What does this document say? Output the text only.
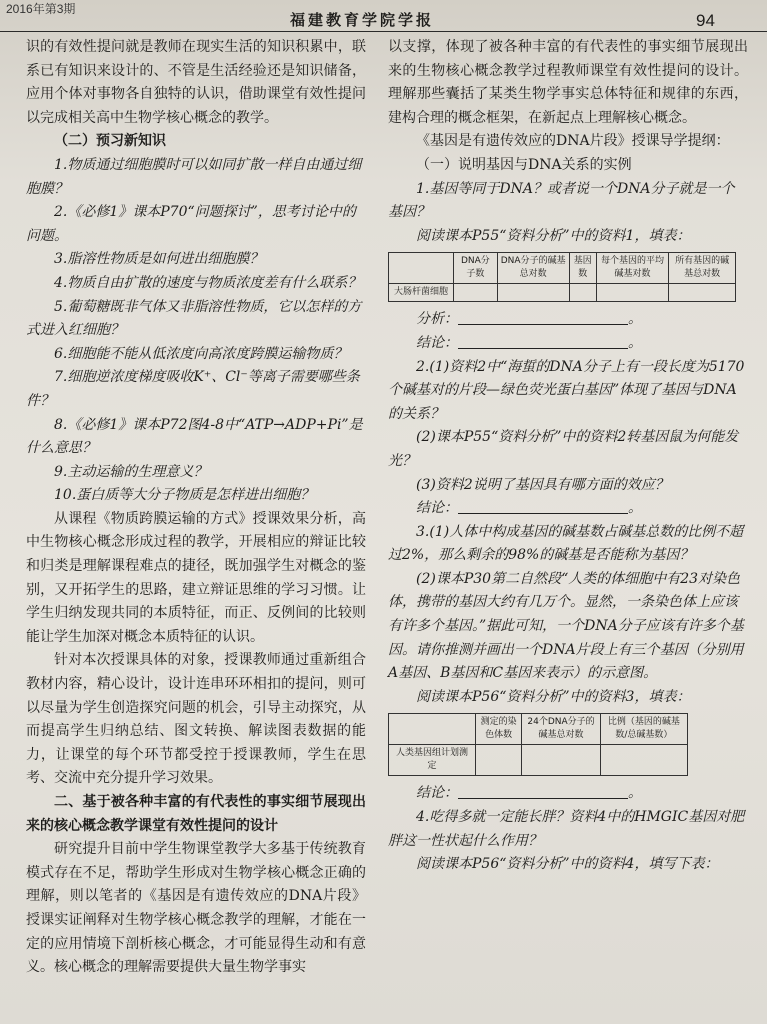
2016年第3期
福建教育学院学报	94

识的有效性提问就是教师在现实生活的知识积累中，联系已有知识来设计的、不管是生活经验还是知识储备，应用个体对事物各自独特的认识，借助课堂有效性提问以完成相关高中生物学核心概念的教学。

（二）预习新知识

1.物质通过细胞膜时可以如同扩散一样自由通过细胞膜？

2.《必修1》课本P70“问题探讨”，思考讨论中的问题。

3.脂溶性物质是如何进出细胞膜？

4.物质自由扩散的速度与物质浓度差有什么联系？

5.葡萄糖既非气体又非脂溶性物质，它以怎样的方式进入红细胞？

6.细胞能不能从低浓度向高浓度跨膜运输物质？

7.细胞逆浓度梯度吸收K⁺、Cl⁻等离子需要哪些条件？

8.《必修1》课本P72图4-8中“ATP→ADP+Pi”是什么意思？

9.主动运输的生理意义？

10.蛋白质等大分子物质是怎样进出细胞？

从课程《物质跨膜运输的方式》授课效果分析，高中生物核心概念形成过程的教学，开展相应的辩证比较和归类是理解课程难点的捷径，既加强学生对概念的鉴别，又开拓学生的思路，建立辩证思维的学习习惯。让学生归纳发现共同的本质特征，而正、反例间的比较则能让学生加深对概念本质特征的认识。

针对本次授课具体的对象，授课教师通过重新组合教材内容，精心设计，设计连串环环相扣的提问，则可以尽量为学生创造探究问题的机会，引导主动探究，从而提高学生归纳总结、图文转换、解读图表数据的能力，让课堂的每个环节都受控于授课教师，学生在思考、交流中充分提升学习效果。

二、基于被各种丰富的有代表性的事实细节展现出来的核心概念教学课堂有效性提问的设计

研究提升目前中学生物课堂教学大多基于传统教育模式存在不足，帮助学生形成对生物学核心概念正确的理解，则以笔者的《基因是有遗传效应的DNA片段》授课实证阐释对生物学核心概念教学的理解，才能在一定的应用情境下剖析核心概念，才可能显得生动和有意义。核心概念的理解需要提供大量生物学事实

以支撑，体现了被各种丰富的有代表性的事实细节展现出来的生物核心概念教学过程教师课堂有效性提问的设计。理解那些囊括了某类生物学事实总体特征和规律的东西，建构合理的概念框架，在新起点上理解核心概念。

《基因是有遗传效应的DNA片段》授课导学提纲：

（一）说明基因与DNA关系的实例

1.基因等同于DNA？或者说一个DNA分子就是一个基因？

阅读课本P55“资料分析”中的资料1，填表：

	DNA分子数	DNA分子的碱基总对数	基因数	每个基因的平均碱基对数	所有基因的碱基总对数
大肠杆菌细胞					

分析：	。

结论：	。

2.(1)资料2中“海蜇的DNA分子上有一段长度为5170个碱基对的片段—绿色荧光蛋白基因”体现了基因与DNA的关系？

(2)课本P55“资料分析”中的资料2转基因鼠为何能发光？

(3)资料2说明了基因具有哪方面的效应？

结论：	。

3.(1)人体中构成基因的碱基数占碱基总数的比例不超过2%，那么剩余的98%的碱基是否能称为基因？

(2)课本P30第二自然段“人类的体细胞中有23对染色体，携带的基因大约有几万个。显然，一条染色体上应该有许多个基因。”据此可知，一个DNA分子应该有许多个基因。请你推测并画出一个DNA片段上有三个基因（分别用A基因、B基因和C基因来表示）的示意图。

阅读课本P56“资料分析”中的资料3，填表：

	测定的染色体数	24个DNA分子的碱基总对数	比例（基因的碱基数/总碱基数）
人类基因组计划测定			

结论：	。

4.吃得多就一定能长胖？资料4中的HMGIC基因对肥胖这一性状起什么作用？

阅读课本P56“资料分析”中的资料4，填写下表：
